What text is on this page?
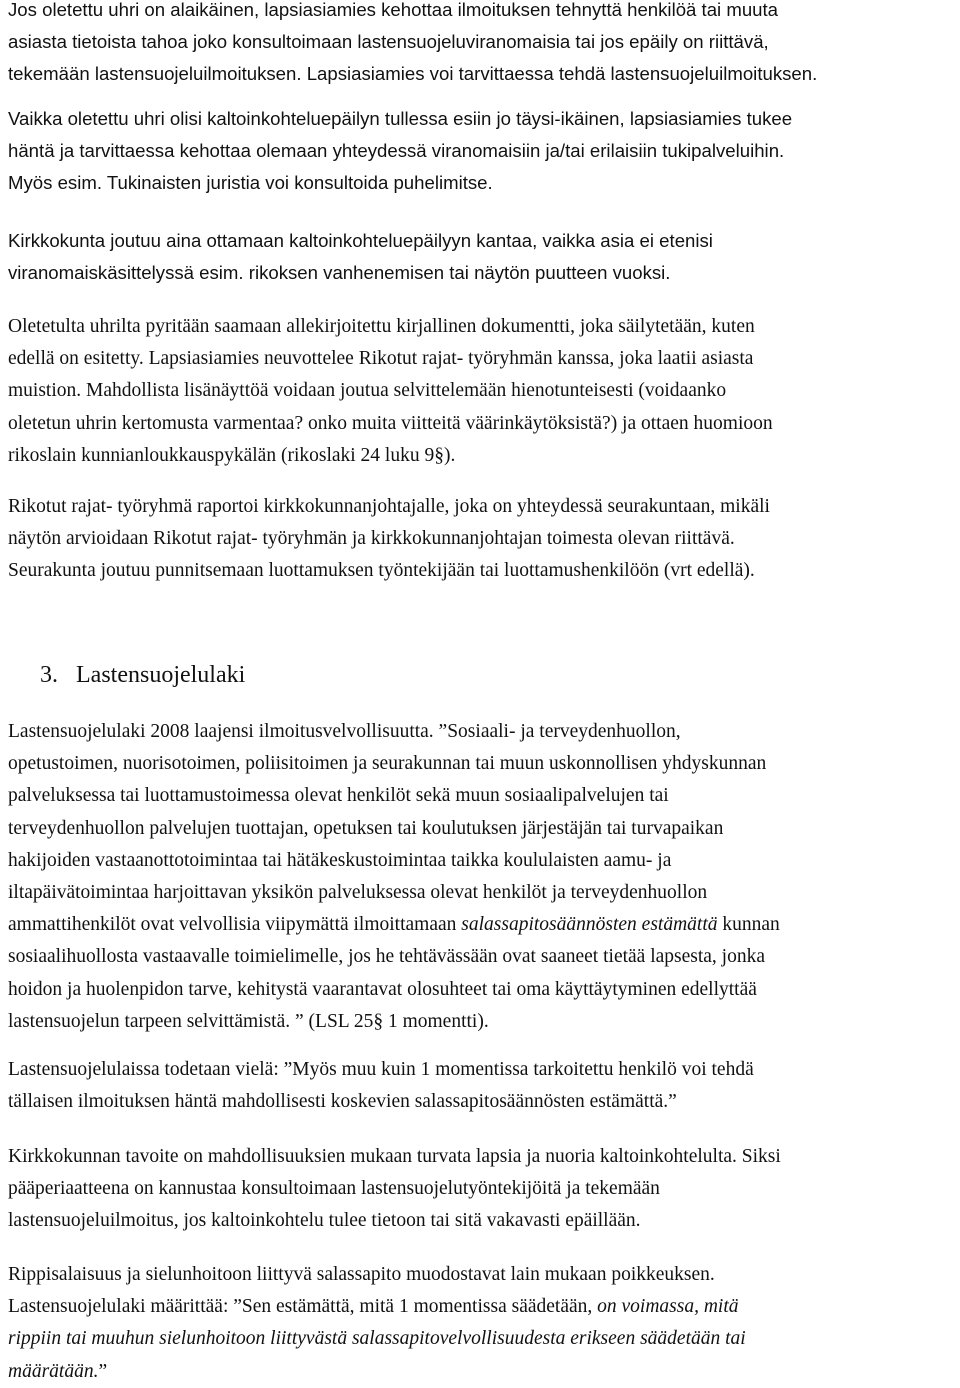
Jos oletettu uhri on alaikäinen, lapsiasiamies kehottaa ilmoituksen tehnyttä henkilöä tai muuta
asiasta tietoista tahoa joko konsultoimaan lastensuojeluviranomaisia tai jos epäily on riittävä,
tekemään lastensuojeluilmoituksen. Lapsiasiamies voi tarvittaessa tehdä lastensuojeluilmoituksen.
Vaikka oletettu uhri olisi kaltoinkohteluepäilyn tullessa esiin jo täysi-ikäinen, lapsiasiamies tukee
häntä ja tarvittaessa kehottaa olemaan yhteydessä viranomaisiin ja/tai erilaisiin tukipalveluihin.
Myös esim. Tukinaisten juristia voi konsultoida puhelimitse.
Kirkkokunta joutuu aina ottamaan kaltoinkohteluepäilyyn kantaa, vaikka asia ei etenisi
viranomaiskäsittelyssä esim. rikoksen vanhenemisen tai näytön puutteen vuoksi.
Oletetulta uhrilta pyritään saamaan allekirjoitettu kirjallinen dokumentti, joka säilytetään, kuten
edellä on esitetty. Lapsiasiamies neuvottelee Rikotut rajat- työryhmän kanssa, joka laatii asiasta
muistion. Mahdollista lisänäyttöä voidaan joutua selvittelemään hienotunteisesti (voidaanko
oletetun uhrin kertomusta varmentaa? onko muita viitteitä väärinkäytöksistä?) ja ottaen huomioon
rikoslain kunnianloukkauspykälän (rikoslaki 24 luku 9§).
Rikotut rajat- työryhmä raportoi kirkkokunnanjohtajalle, joka on yhteydessä seurakuntaan, mikäli
näytön arvioidaan Rikotut rajat- työryhmän ja kirkkokunnanjohtajan toimesta olevan riittävä.
Seurakunta joutuu punnitsemaan luottamuksen työntekijään tai luottamushenkilöön (vrt edellä).
3. Lastensuojelulaki
Lastensuojelulaki 2008 laajensi ilmoitusvelvollisuutta. ”Sosiaali- ja terveydenhuollon,
opetustoimen, nuorisotoimen, poliisitoimen ja seurakunnan tai muun uskonnollisen yhdyskunnan
palveluksessa tai luottamustoimessa olevat henkilöt sekä muun sosiaalipalvelujen tai
terveydenhuollon palvelujen tuottajan, opetuksen tai koulutuksen järjestäjän tai turvapaikan
hakijoiden vastaanottotoimintaa tai hätäkeskustoimintaa taikka koululaisten aamu- ja
iltapäivätoimintaa harjoittavan yksikön palveluksessa olevat henkilöt ja terveydenhuollon
ammattihenkilöt ovat velvollisia viipymättä ilmoittamaan salassapitosäännösten estämättä kunnan
sosiaalihuollosta vastaavalle toimielimelle, jos he tehtävässään ovat saaneet tietää lapsesta, jonka
hoidon ja huolenpidon tarve, kehitystä vaarantavat olosuhteet tai oma käyttäytyminen edellyttää
lastensuojelun tarpeen selvittämistä. ” (LSL 25§ 1 momentti).
Lastensuojelulaissa todetaan vielä: ”Myös muu kuin 1 momentissa tarkoitettu henkilö voi tehdä
tällaisen ilmoituksen häntä mahdollisesti koskevien salassapitosäännösten estämättä.”
Kirkkokunnan tavoite on mahdollisuuksien mukaan turvata lapsia ja nuoria kaltoinkohtelulta. Siksi
pääperiaatteena on kannustaa konsultoimaan lastensuojelutyöntekijöitä ja tekemään
lastensuojeluilmoitus, jos kaltoinkohtelu tulee tietoon tai sitä vakavasti epäillään.
Rippisalaisuus ja sielunhoitoon liittyvä salassapito muodostavat lain mukaan poikkeuksen.
Lastensuojelulaki määrittää: ”Sen estämättä, mitä 1 momentissa säädetään, on voimassa, mitä
rippiin tai muuhun sielunhoitoon liittyvästä salassapitovelvollisuudesta erikseen säädetään tai
määrätään.”
